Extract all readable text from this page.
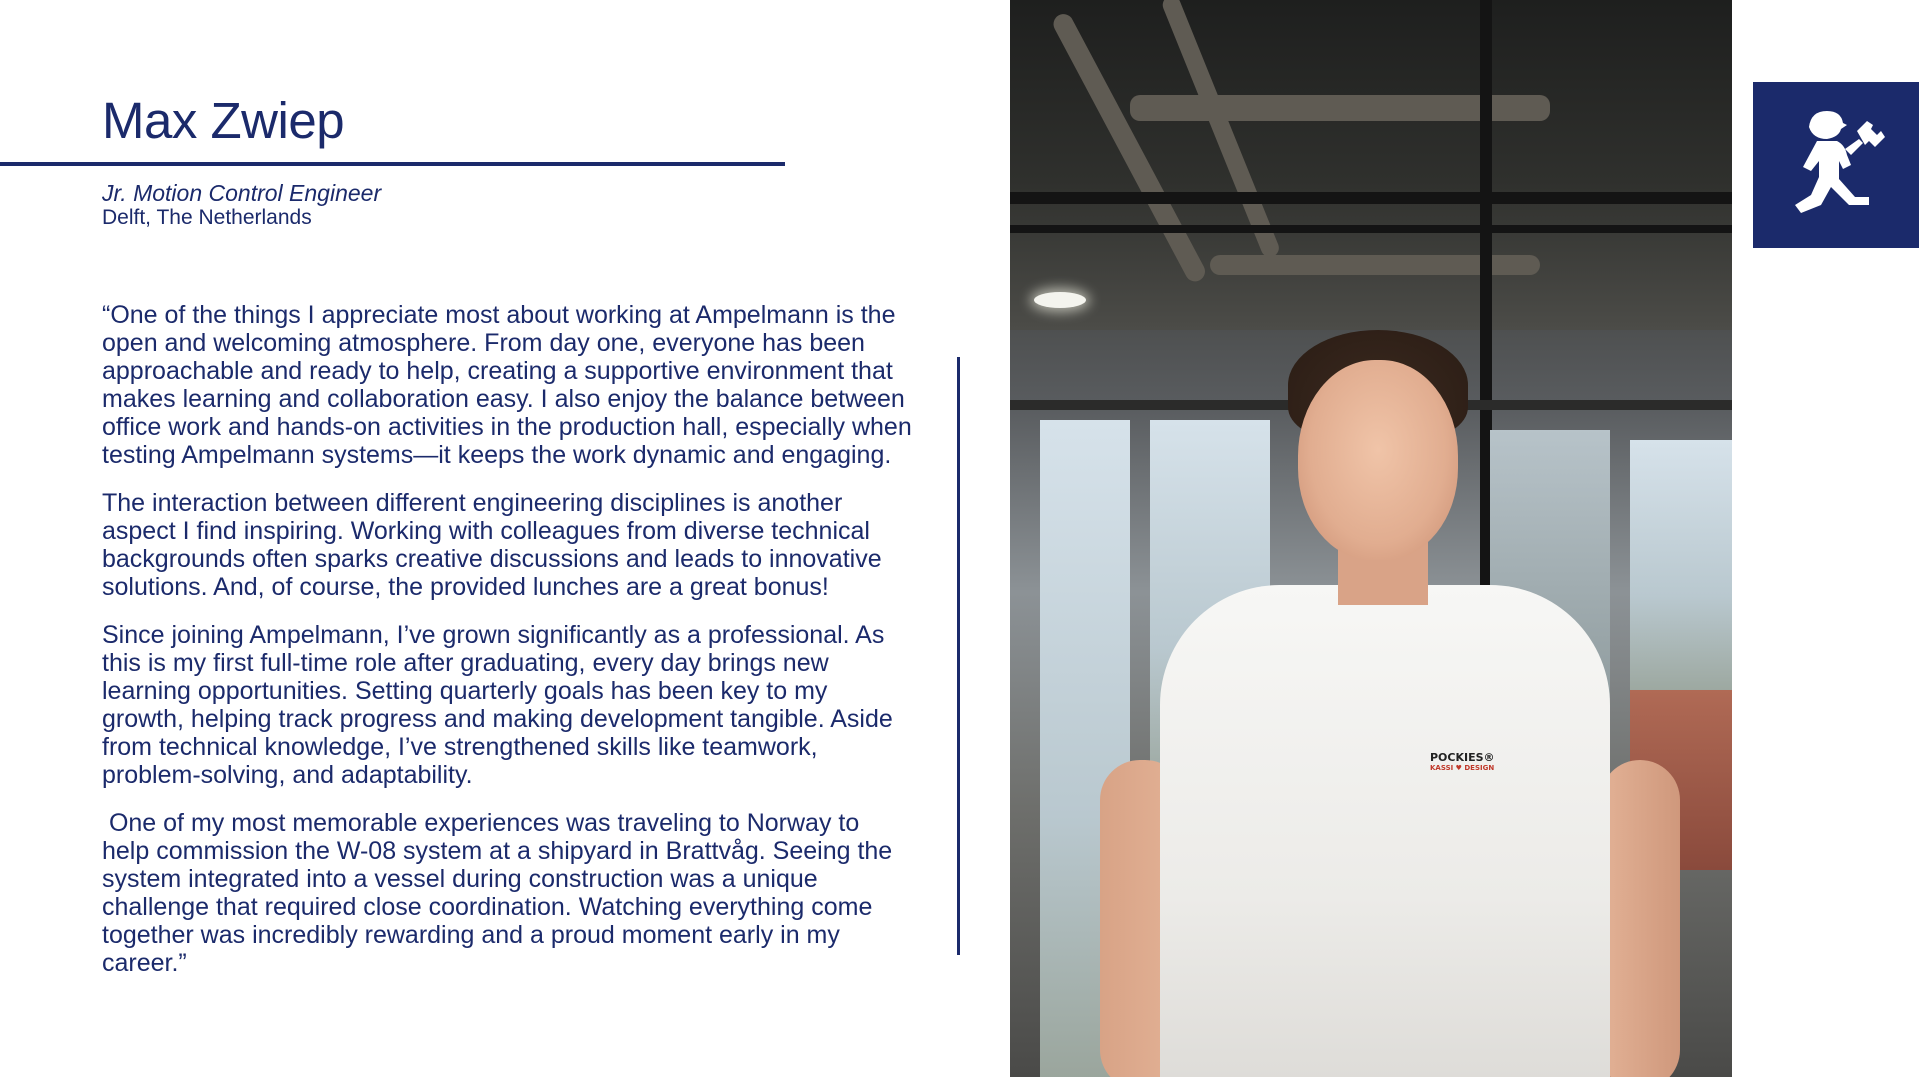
Max Zwiep
Jr. Motion Control Engineer
Delft, The Netherlands

“One of the things I appreciate most about working at Ampelmann is the open and welcoming atmosphere. From day one, everyone has been approachable and ready to help, creating a supportive environment that makes learning and collaboration easy. I also enjoy the balance between office work and hands-on activities in the production hall, especially when testing Ampelmann systems—it keeps the work dynamic and engaging.

The interaction between different engineering disciplines is another aspect I find inspiring. Working with colleagues from diverse technical backgrounds often sparks creative discussions and leads to innovative solutions. And, of course, the provided lunches are a great bonus!

Since joining Ampelmann, I’ve grown significantly as a professional. As this is my first full-time role after graduating, every day brings new learning opportunities. Setting quarterly goals has been key to my growth, helping track progress and making development tangible. Aside from technical knowledge, I’ve strengthened skills like teamwork, problem-solving, and adaptability.

One of my most memorable experiences was traveling to Norway to help commission the W-08 system at a shipyard in Brattvåg. Seeing the system integrated into a vessel during construction was a unique challenge that required close coordination. Watching everything come together was incredibly rewarding and a proud moment early in my career.”

POCKIES®
KASSI ♥ DESIGN
